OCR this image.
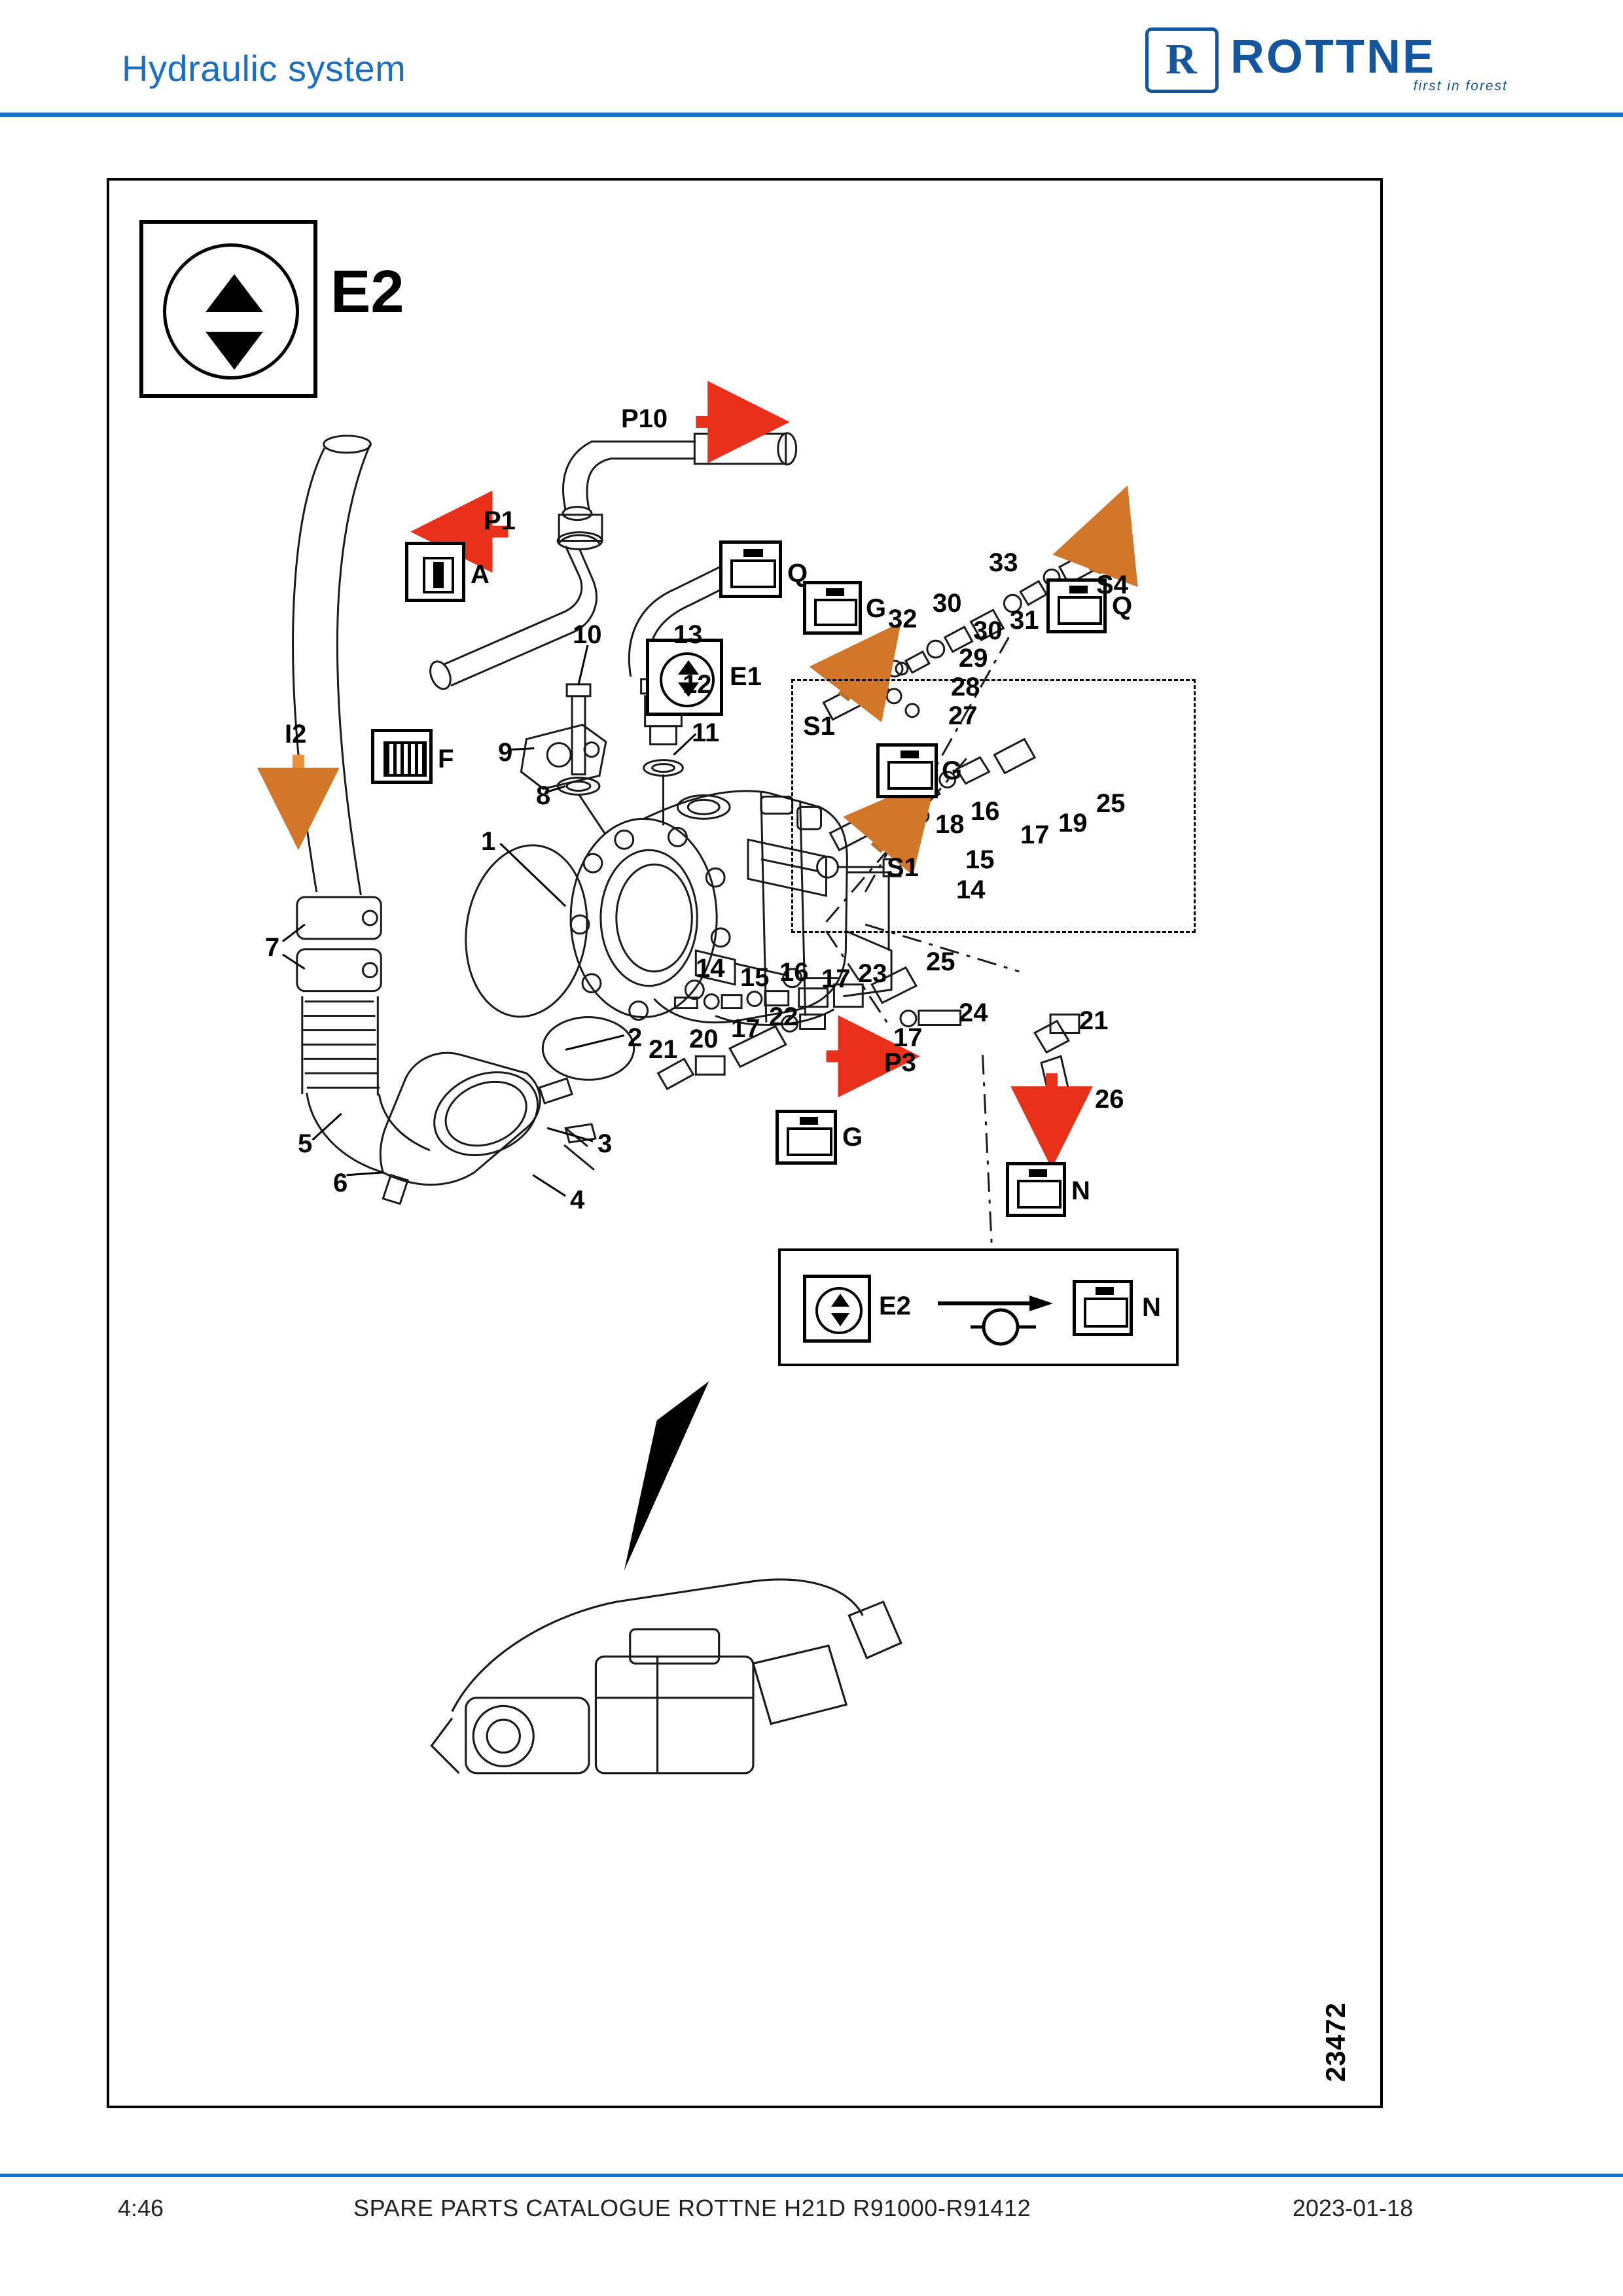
Hydraulic system	R ROTTNE
first in forest
E2
E2	N
23472
A	Q
F
E1
G	Q
G
G
N
P10
P1
P3
I2	S1
S4
S1
1
2
3
4
5
6
7
8
9
10
11
12
13
14
15
16
17
18	19
25
14 15 16 17 23 25
22
17
20
21	17
24	21
26
27
28
29
30
30
31
32
33
4:46	SPARE PARTS CATALOGUE ROTTNE H21D R91000-R91412	2023-01-18
